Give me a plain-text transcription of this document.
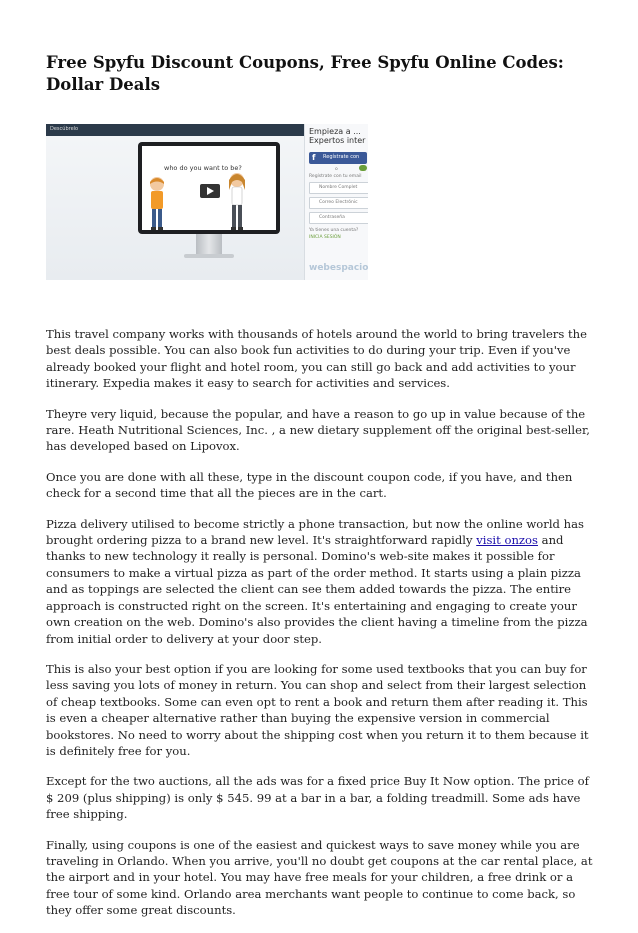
Free Spyfu Discount Coupons, Free Spyfu Online Codes: Dollar Deals
Descúbrelo
who do you want to be?
Empieza a ...
Expertos inter
f Regístrate con
o
Regístrate con tu email
Nombre Complet
Correo Electrónic
Contraseña
Ya tienes una cuenta?
INICIA SESIÓN
webespacio

This travel company works with thousands of hotels around the world to bring travelers the best deals possible. You can also book fun activities to do during your trip. Even if you've already booked your flight and hotel room, you can still go back and add activities to your itinerary. Expedia makes it easy to search for activities and services.

Theyre very liquid, because the popular, and have a reason to go up in value because of the rare. Heath Nutritional Sciences, Inc. , a new dietary supplement off the original best-seller, has developed based on Lipovox.

Once you are done with all these, type in the discount coupon code, if you have, and then check for a second time that all the pieces are in the cart.

Pizza delivery utilised to become strictly a phone transaction, but now the online world has brought ordering pizza to a brand new level. It's straightforward rapidly visit onzos and thanks to new technology it really is personal. Domino's web-site makes it possible for consumers to make a virtual pizza as part of the order method. It starts using a plain pizza and as toppings are selected the client can see them added towards the pizza. The entire approach is constructed right on the screen. It's entertaining and engaging to create your own creation on the web. Domino's also provides the client having a timeline from the pizza from initial order to delivery at your door step.

This is also your best option if you are looking for some used textbooks that you can buy for less saving you lots of money in return. You can shop and select from their largest selection of cheap textbooks. Some can even opt to rent a book and return them after reading it. This is even a cheaper alternative rather than buying the expensive version in commercial bookstores. No need to worry about the shipping cost when you return it to them because it is definitely free for you.

Except for the two auctions, all the ads was for a fixed price Buy It Now option. The price of $ 209 (plus shipping) is only $ 545. 99 at a bar in a bar, a folding treadmill. Some ads have free shipping.

Finally, using coupons is one of the easiest and quickest ways to save money while you are traveling in Orlando. When you arrive, you'll no doubt get coupons at the car rental place, at the airport and in your hotel. You may have free meals for your children, a free drink or a free tour of some kind. Orlando area merchants want people to continue to come back, so they offer some great discounts.
